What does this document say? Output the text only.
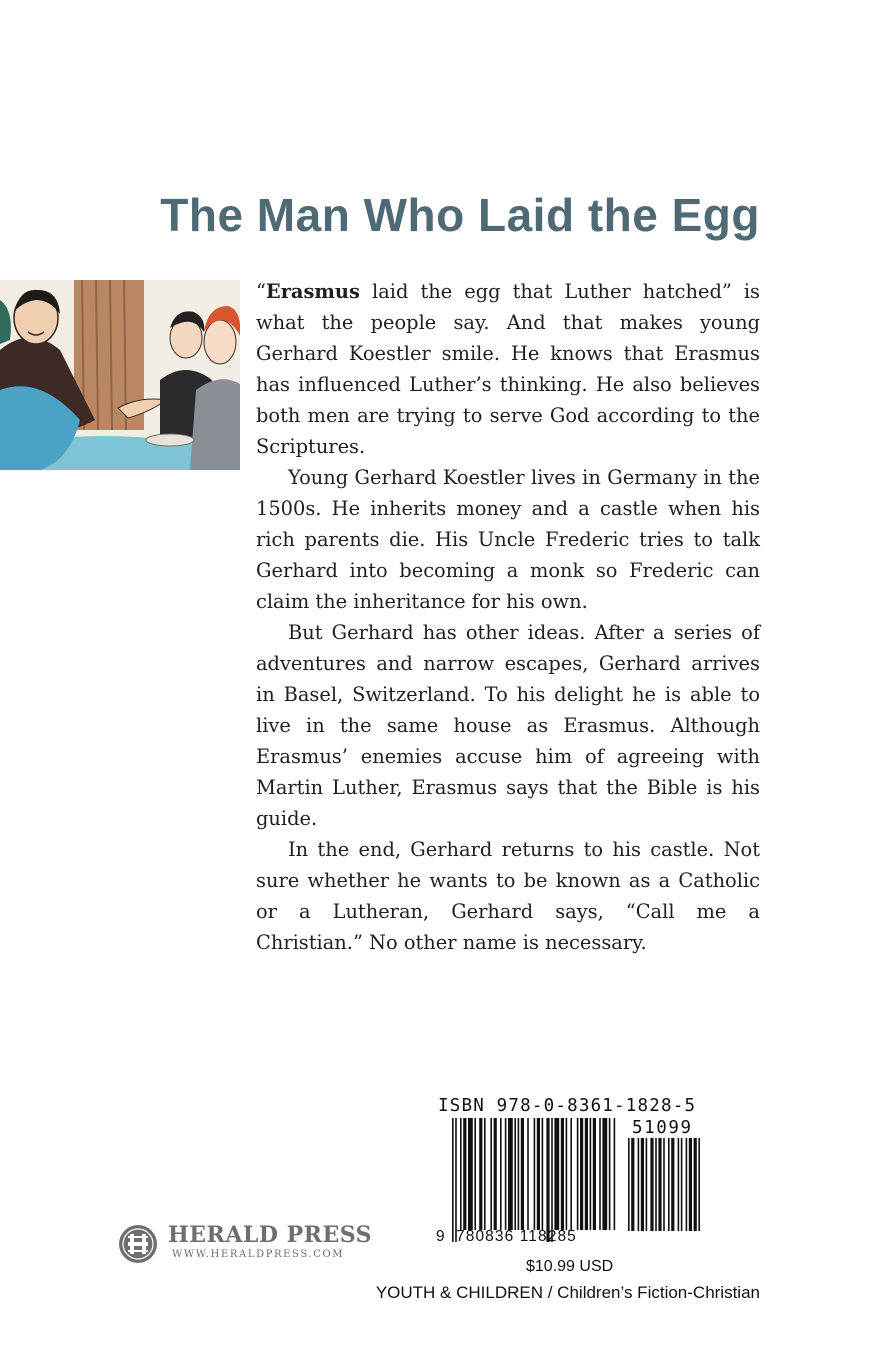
The Man Who Laid the Egg

“Erasmus laid the egg that Luther hatched” is what the people say. And that makes young Gerhard Koestler smile. He knows that Erasmus has influenced Luther’s thinking. He also believes both men are trying to serve God according to the Scriptures.

Young Gerhard Koestler lives in Germany in the 1500s. He inherits money and a castle when his rich parents die. His Uncle Frederic tries to talk Gerhard into becoming a monk so Frederic can claim the inheritance for his own.

But Gerhard has other ideas. After a series of adventures and narrow escapes, Gerhard arrives in Basel, Switzerland. To his delight he is able to live in the same house as Erasmus. Although Erasmus’ enemies accuse him of agreeing with Martin Luther, Erasmus says that the Bible is his guide.

In the end, Gerhard returns to his castle. Not sure whether he wants to be known as a Catholic or a Lutheran, Gerhard says, “Call me a Christian.” No other name is necessary.

HERALD PRESS
WWW.HERALDPRESS.COM
ISBN 978-0-8361-1828-5
51099
9 780836 118285
$10.99 USD
YOUTH & CHILDREN / Children’s Fiction-Christian
